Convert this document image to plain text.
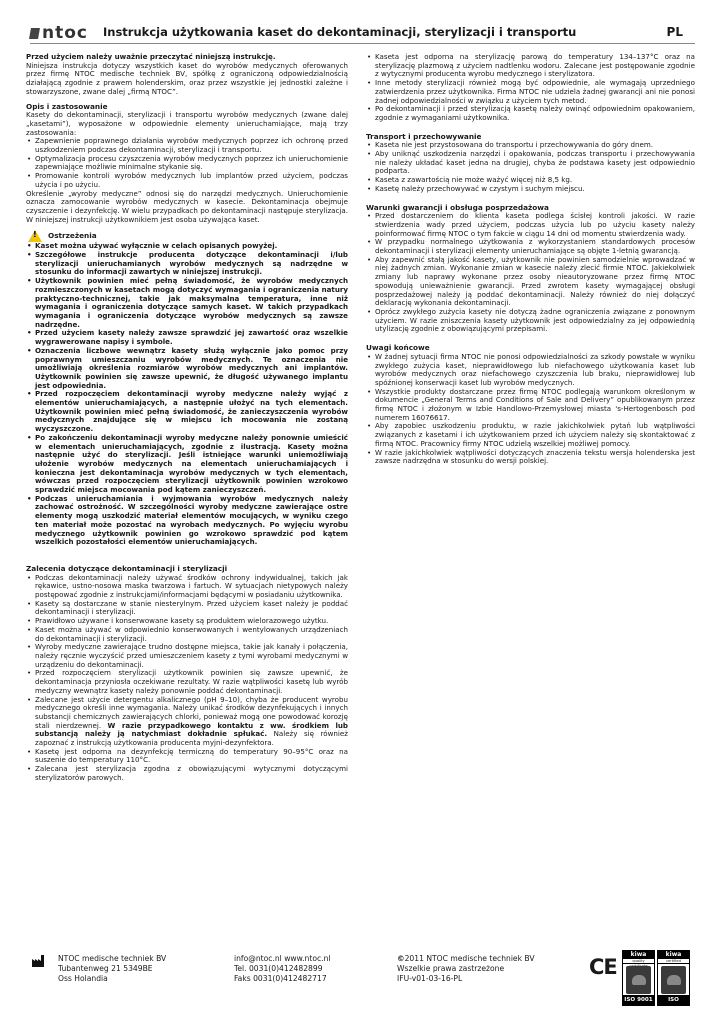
ntoc Instrukcja użytkowania kaset do dekontaminacji, sterylizacji i transportu	PL

Przed użyciem należy uważnie przeczytać niniejszą instrukcję.
Niniejsza instrukcja dotyczy wszystkich kaset do wyrobów medycznych oferowanych przez firmę NTOC medische techniek BV, spółkę z ograniczoną odpowiedzialnością działającą zgodnie z prawem holenderskim, oraz przez wszystkie jej jednostki zależne i stowarzyszone, zwane dalej „firmą NTOC”.

Opis i zastosowanie

Kasety do dekontaminacji, sterylizacji i transportu wyrobów medycznych (zwane dalej „kasetami”), wyposażone w odpowiednie elementy unieruchamiające, mają trzy zastosowania:

• Zapewnienie poprawnego działania wyrobów medycznych poprzez ich ochronę przed uszkodzeniem podczas dekontaminacji, sterylizacji i transportu.
• Optymalizacja procesu czyszczenia wyrobów medycznych poprzez ich unieruchomienie zapewniające możliwie minimalne stykanie się.
• Promowanie kontroli wyrobów medycznych lub implantów przed użyciem, podczas użycia i po użyciu.

Określenie „wyroby medyczne” odnosi się do narzędzi medycznych. Unieruchomienie oznacza zamocowanie wyrobów medycznych w kasecie. Dekontaminacja obejmuje czyszczenie i dezynfekcję. W wielu przypadkach po dekontaminacji następuje sterylizacja. W niniejszej instrukcji użytkownikiem jest osoba używająca kaset.

!
Ostrzeżenia
• Kaset można używać wyłącznie w celach opisanych powyżej.
• Szczegółowe instrukcje producenta dotyczące dekontaminacji i/lub sterylizacji unieruchamianych wyrobów medycznych są nadrzędne w stosunku do informacji zawartych w niniejszej instrukcji.
• Użytkownik powinien mieć pełną świadomość, że wyrobów medycznych rozmieszczonych w kasetach mogą dotyczyć wymagania i ograniczenia natury praktyczno-technicznej, takie jak maksymalna temperatura, inne niż wymagania i ograniczenia dotyczące samych kaset. W takich przypadkach wymagania i ograniczenia dotyczące wyrobów medycznych są zawsze nadrzędne.
• Przed użyciem kasety należy zawsze sprawdzić jej zawartość oraz wszelkie wygrawerowane napisy i symbole.
• Oznaczenia liczbowe wewnątrz kasety służą wyłącznie jako pomoc przy poprawnym umieszczaniu wyrobów medycznych. Te oznaczenia nie umożliwiają określenia rozmiarów wyrobów medycznych ani implantów. Użytkownik powinien się zawsze upewnić, że długość używanego implantu jest odpowiednia.
• Przed rozpoczęciem dekontaminacji wyroby medyczne należy wyjąć z elementów unieruchamiających, a następnie ułożyć na tych elementach. Użytkownik powinien mieć pełną świadomość, że zanieczyszczenia wyrobów medycznych znajdujące się w miejscu ich mocowania nie zostaną wyczyszczone.
• Po zakończeniu dekontaminacji wyroby medyczne należy ponownie umieścić w elementach unieruchamiających, zgodnie z ilustracją. Kasety można następnie użyć do sterylizacji. Jeśli istniejące warunki uniemożliwiają ułożenie wyrobów medycznych na elementach unieruchamiających i konieczna jest dekontaminacja wyrobów medycznych w tych elementach, wówczas przed rozpoczęciem sterylizacji użytkownik powinien wzrokowo sprawdzić miejsca mocowania pod kątem zanieczyszczeń.
• Podczas unieruchamiania i wyjmowania wyrobów medycznych należy zachować ostrożność. W szczególności wyroby medyczne zawierające ostre elementy mogą uszkodzić materiał elementów mocujących, w wyniku czego ten materiał może pozostać na wyrobach medycznych. Po wyjęciu wyrobu medycznego użytkownik powinien go wzrokowo sprawdzić pod kątem wszelkich pozostałości elementów unieruchamiających.
Zalecenia dotyczące dekontaminacji i sterylizacji
• Podczas dekontaminacji należy używać środków ochrony indywidualnej, takich jak rękawice, ustno-nosowa maska twarzowa i fartuch. W sytuacjach nietypowych należy postępować zgodnie z instrukcjami/informacjami będącymi w posiadaniu użytkownika.
• Kasety są dostarczane w stanie niesterylnym. Przed użyciem kaset należy je poddać dekontaminacji i sterylizacji.
• Prawidłowo używane i konserwowane kasety są produktem wielorazowego użytku.
• Kaset można używać w odpowiednio konserwowanych i wentylowanych urządzeniach do dekontaminacji i sterylizacji.
• Wyroby medyczne zawierające trudno dostępne miejsca, takie jak kanały i połączenia, należy ręcznie wyczyścić przed umieszczeniem kasety z tymi wyrobami medycznymi w urządzeniu do dekontaminacji.
• Przed rozpoczęciem sterylizacji użytkownik powinien się zawsze upewnić, że dekontaminacja przyniosła oczekiwane rezultaty. W razie wątpliwości kasetę lub wyrób medyczny wewnątrz kasety należy ponownie poddać dekontaminacji.
• Zalecane jest użycie detergentu alkalicznego (pH 9–10), chyba że producent wyrobu medycznego określi inne wymagania. Należy unikać środków dezynfekujących i innych substancji chemicznych zawierających chlorki, ponieważ mogą one powodować korozję stali nierdzewnej. W razie przypadkowego kontaktu z ww. środkiem lub substancją należy ją natychmiast dokładnie spłukać. Należy się również zapoznać z instrukcją użytkowania producenta myjni-dezynfektora.
• Kasetę jest odporna na dezynfekcję termiczną do temperatury 90–95°C oraz na suszenie do temperatury 110°C.
• Zalecana jest sterylizacja zgodna z obowiązującymi wytycznymi dotyczącymi sterylizatorów parowych.
• Kaseta jest odporna na sterylizację parową do temperatury 134–137°C oraz na sterylizację plazmową z użyciem nadtlenku wodoru. Zalecane jest postępowanie zgodnie z wytycznymi producenta wyrobu medycznego i sterylizatora.
• Inne metody sterylizacji również mogą być odpowiednie, ale wymagają uprzedniego zatwierdzenia przez użytkownika. Firma NTOC nie udziela żadnej gwarancji ani nie ponosi żadnej odpowiedzialności w związku z użyciem tych metod.
• Po dekontaminacji i przed sterylizacją kasetę należy owinąć odpowiednim opakowaniem, zgodnie z wymaganiami użytkownika.
Transport i przechowywanie
• Kaseta nie jest przystosowana do transportu i przechowywania do góry dnem.
• Aby uniknąć uszkodzenia narzędzi i opakowania, podczas transportu i przechowywania nie należy układać kaset jedna na drugiej, chyba że podstawa kasety jest odpowiednio podparta.
• Kaseta z zawartością nie może ważyć więcej niż 8,5 kg.
• Kasetę należy przechowywać w czystym i suchym miejscu.
Warunki gwarancji i obsługa posprzedażowa
• Przed dostarczeniem do klienta kaseta podlega ścisłej kontroli jakości. W razie stwierdzenia wady przed użyciem, podczas użycia lub po użyciu kasety należy poinformować firmę NTOC o tym fakcie w ciągu 14 dni od momentu stwierdzenia wady.
• W przypadku normalnego użytkowania z wykorzystaniem standardowych procesów dekontaminacji i sterylizacji elementy unieruchamiające są objęte 1-letnią gwarancją.
• Aby zapewnić stałą jakość kasety, użytkownik nie powinien samodzielnie wprowadzać w niej żadnych zmian. Wykonanie zmian w kasecie należy zlecić firmie NTOC. Jakiekolwiek zmiany lub naprawy wykonane przez osoby nieautoryzowane przez firmę NTOC spowodują unieważnienie gwarancji. Przed zwrotem kasety wymagającej obsługi posprzedażowej należy ją poddać dekontaminacji. Należy również do niej dołączyć deklarację wykonania dekontaminacji.
• Oprócz zwykłego zużycia kasety nie dotyczą żadne ograniczenia związane z ponownym użyciem. W razie zniszczenia kasety użytkownik jest odpowiedzialny za jej odpowiednią utylizację zgodnie z obowiązującymi przepisami.
Uwagi końcowe
• W żadnej sytuacji firma NTOC nie ponosi odpowiedzialności za szkody powstałe w wyniku zwykłego zużycia kaset, nieprawidłowego lub niefachowego użytkowania kaset lub wyrobów medycznych oraz niefachowego czyszczenia lub braku, nieprawidłowej lub spóźnionej konserwacji kaset lub wyrobów medycznych.
• Wszystkie produkty dostarczane przez firmę NTOC podlegają warunkom określonym w dokumencie „General Terms and Conditions of Sale and Delivery” opublikowanym przez firmę NTOC i złożonym w Izbie Handlowo-Przemysłowej miasta 's-Hertogenbosch pod numerem 16076617.
• Aby zapobiec uszkodzeniu produktu, w razie jakichkolwiek pytań lub wątpliwości związanych z kasetami i ich użytkowaniem przed ich użyciem należy się skontaktować z firmą NTOC. Pracownicy firmy NTOC udzielą wszelkiej możliwej pomocy.
• W razie jakichkolwiek wątpliwości dotyczących znaczenia tekstu wersja holenderska jest zawsze nadrzędna w stosunku do wersji polskiej.
NTOC medische techniek BV
Tubantenweg 21 5349BE
Oss Holandia
info@ntoc.nl www.ntoc.nl
Tel. 0031(0)412482899
Faks 0031(0)412482717
©2011 NTOC medische techniek BV
Wszelkie prawa zastrzeżone
IFU-v01-03-16-PL	CE
kiwa
quality
ISO 9001
kiwa
certified
ISO 13485
